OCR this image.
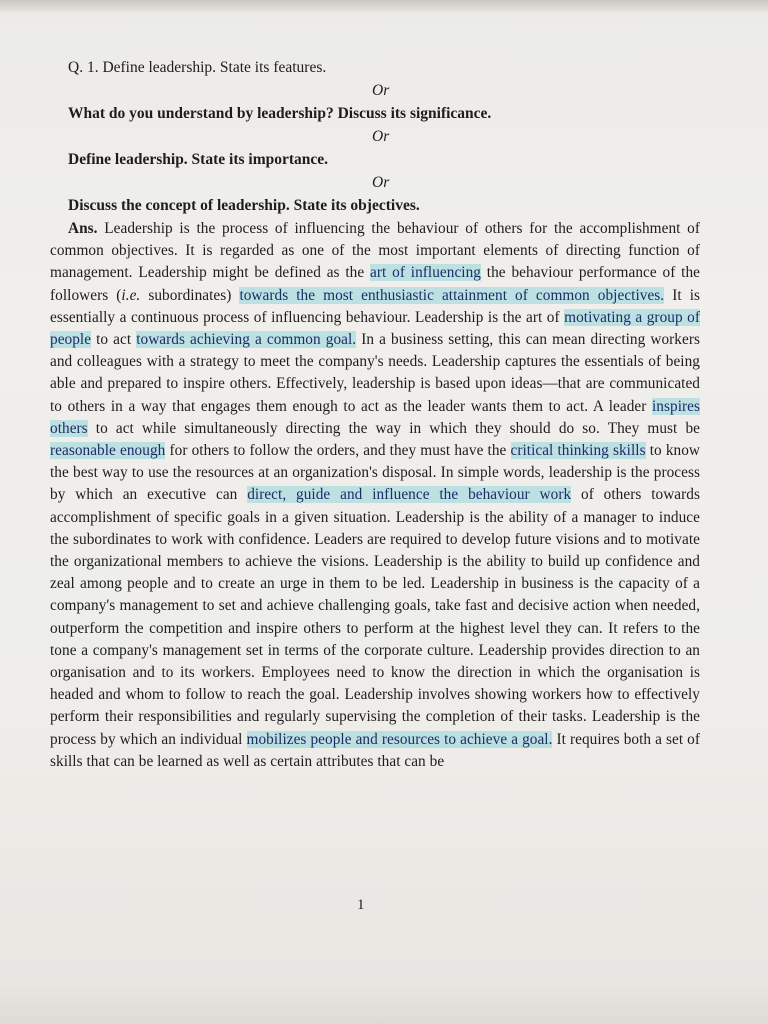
Q. 1. Define leadership. State its features.

Or

What do you understand by leadership? Discuss its significance.

Or

Define leadership. State its importance.

Or

Discuss the concept of leadership. State its objectives.

Ans. Leadership is the process of influencing the behaviour of others for the accomplishment of common objectives. It is regarded as one of the most important elements of directing function of management. Leadership might be defined as the art of influencing the behaviour performance of the followers (i.e. subordinates) towards the most enthusiastic attainment of common objectives. It is essentially a continuous process of influencing behaviour. Leadership is the art of motivating a group of people to act towards achieving a common goal. In a business setting, this can mean directing workers and colleagues with a strategy to meet the company's needs. Leadership captures the essentials of being able and prepared to inspire others. Effectively, leadership is based upon ideas—that are communicated to others in a way that engages them enough to act as the leader wants them to act. A leader inspires others to act while simultaneously directing the way in which they should do so. They must be reasonable enough for others to follow the orders, and they must have the critical thinking skills to know the best way to use the resources at an organization's disposal. In simple words, leadership is the process by which an executive can direct, guide and influence the behaviour work of others towards accomplishment of specific goals in a given situation. Leadership is the ability of a manager to induce the subordinates to work with confidence. Leaders are required to develop future visions and to motivate the organizational members to achieve the visions. Leadership is the ability to build up confidence and zeal among people and to create an urge in them to be led. Leadership in business is the capacity of a company's management to set and achieve challenging goals, take fast and decisive action when needed, outperform the competition and inspire others to perform at the highest level they can. It refers to the tone a company's management set in terms of the corporate culture. Leadership provides direction to an organisation and to its workers. Employees need to know the direction in which the organisation is headed and whom to follow to reach the goal. Leadership involves showing workers how to effectively perform their responsibilities and regularly supervising the completion of their tasks. Leadership is the process by which an individual mobilizes people and resources to achieve a goal. It requires both a set of skills that can be learned as well as certain attributes that can be

1
